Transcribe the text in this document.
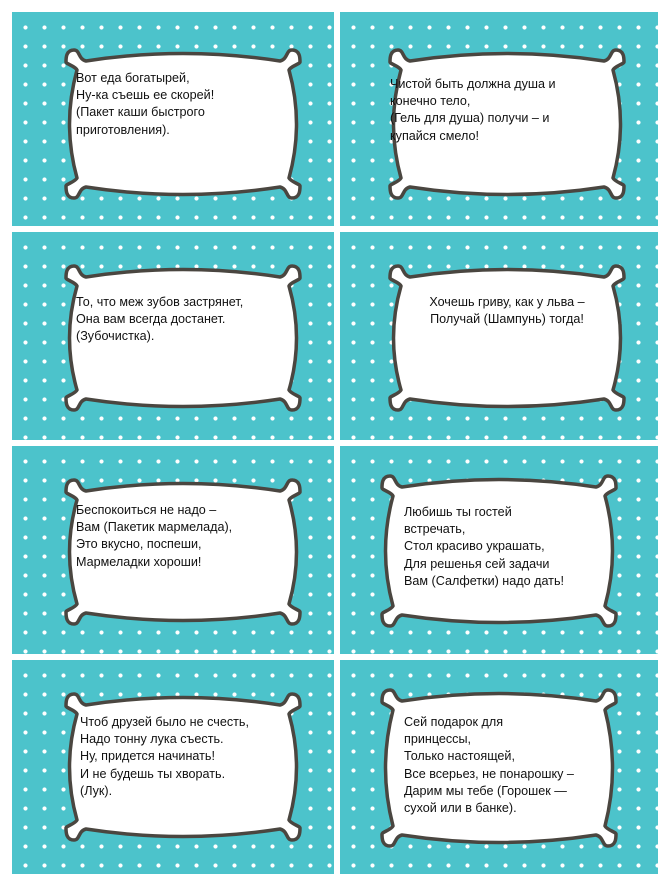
Вот еда богатырей,
Ну-ка съешь ее скорей!
(Пакет каши быстрого
приготовления).
Чистой быть должна душа и
конечно тело,
(Гель для душа) получи – и
купайся смело!
То, что меж зубов застрянет,
Она вам всегда достанет.
(Зубочистка).
Хочешь гриву, как у льва –
Получай (Шампунь) тогда!
Беспокоиться не надо –
Вам (Пакетик мармелада),
Это вкусно, поспеши,
Мармеладки хороши!
Любишь ты гостей
встречать,
Стол красиво украшать,
Для решенья сей задачи
Вам (Салфетки) надо дать!
Чтоб друзей было не счесть,
Надо тонну лука съесть.
Ну, придется начинать!
И не будешь ты хворать.
(Лук).
Сей подарок для
принцессы,
Только настоящей,
Все всерьез, не понарошку –
Дарим мы тебе (Горошек —
сухой или в банке).
